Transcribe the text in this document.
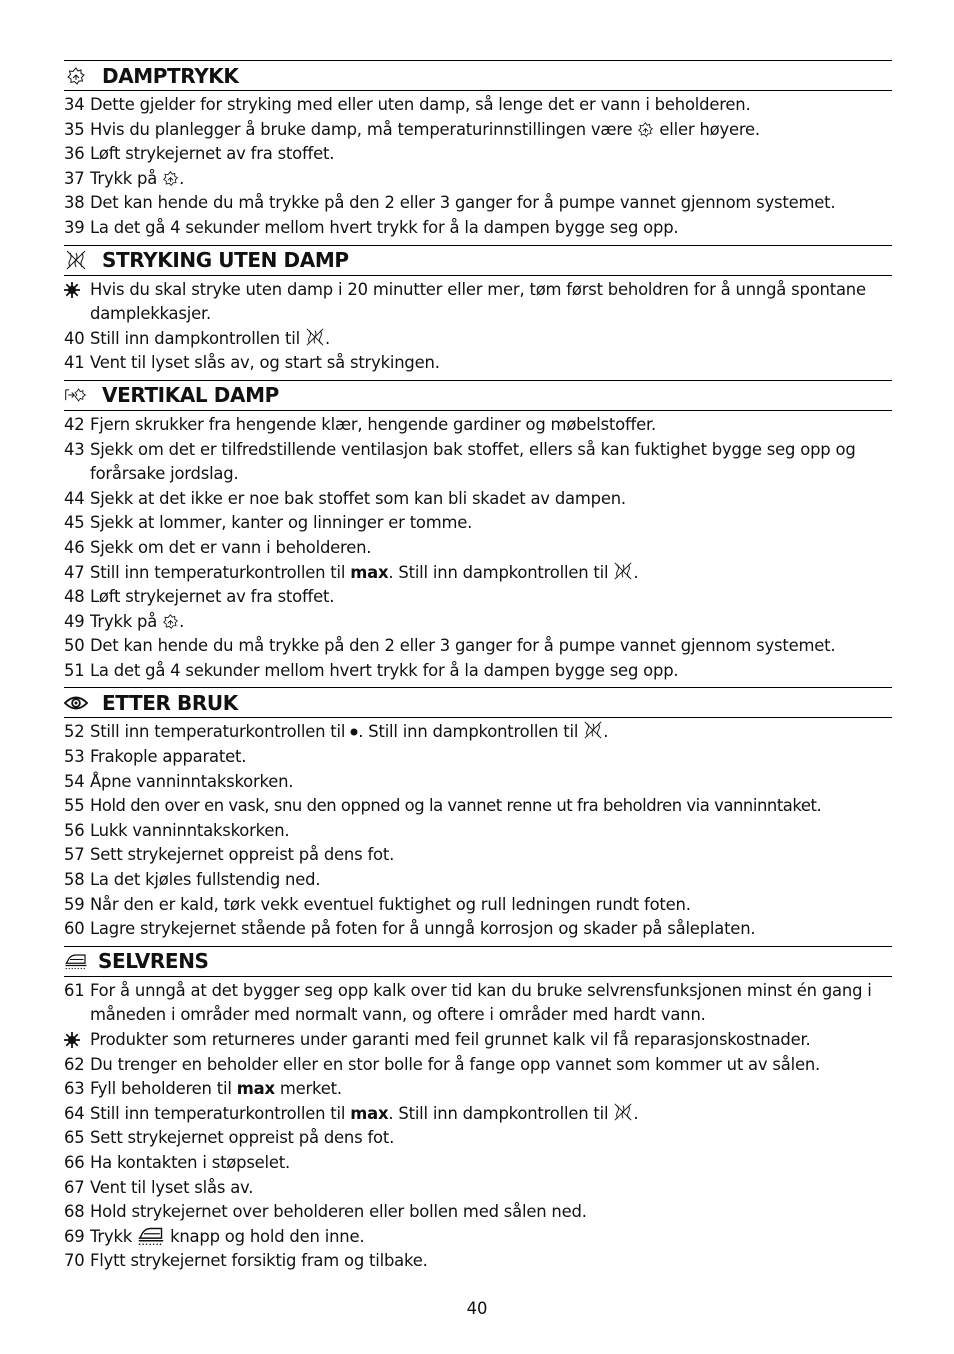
DAMPTRYKK
34 Dette gjelder for stryking med eller uten damp, så lenge det er vann i beholderen.
35 Hvis du planlegger å bruke damp, må temperaturinnstillingen være  eller høyere.
36 Løft strykejernet av fra stoffet.
37 Trykk på .
38 Det kan hende du må trykke på den 2 eller 3 ganger for å pumpe vannet gjennom systemet.
39 La det gå 4 sekunder mellom hvert trykk for å la dampen bygge seg opp.
STRYKING UTEN DAMP
Hvis du skal stryke uten damp i 20 minutter eller mer, tøm først beholdren for å unngå spontane damplekkasjer.
40 Still inn dampkontrollen til .
41 Vent til lyset slås av, og start så strykingen.
VERTIKAL DAMP
42 Fjern skrukker fra hengende klær, hengende gardiner og møbelstoffer.
43 Sjekk om det er tilfredstillende ventilasjon bak stoffet, ellers så kan fuktighet bygge seg opp og forårsake jordslag.
44 Sjekk at det ikke er noe bak stoffet som kan bli skadet av dampen.
45 Sjekk at lommer, kanter og linninger er tomme.
46 Sjekk om det er vann i beholderen.
47 Still inn temperaturkontrollen til max. Still inn dampkontrollen til .
48 Løft strykejernet av fra stoffet.
49 Trykk på .
50 Det kan hende du må trykke på den 2 eller 3 ganger for å pumpe vannet gjennom systemet.
51 La det gå 4 sekunder mellom hvert trykk for å la dampen bygge seg opp.
ETTER BRUK
52 Still inn temperaturkontrollen til . Still inn dampkontrollen til .
53 Frakople apparatet.
54 Åpne vanninntakskorken.
55 Hold den over en vask, snu den oppned og la vannet renne ut fra beholdren via vanninntaket.
56 Lukk vanninntakskorken.
57 Sett strykejernet oppreist på dens fot.
58 La det kjøles fullstendig ned.
59 Når den er kald, tørk vekk eventuel fuktighet og rull ledningen rundt foten.
60 Lagre strykejernet stående på foten for å unngå korrosjon og skader på såleplaten.
SELVRENS
61 For å unngå at det bygger seg opp kalk over tid kan du bruke selvrensfunksjonen minst én gang i måneden i områder med normalt vann, og oftere i områder med hardt vann.
Produkter som returneres under garanti med feil grunnet kalk vil få reparasjonskostnader.
62 Du trenger en beholder eller en stor bolle for å fange opp vannet som kommer ut av sålen.
63 Fyll beholderen til max merket.
64 Still inn temperaturkontrollen til max. Still inn dampkontrollen til .
65 Sett strykejernet oppreist på dens fot.
66 Ha kontakten i støpselet.
67 Vent til lyset slås av.
68 Hold strykejernet over beholderen eller bollen med sålen ned.
69 Trykk  knapp og hold den inne.
70 Flytt strykejernet forsiktig fram og tilbake.
40
